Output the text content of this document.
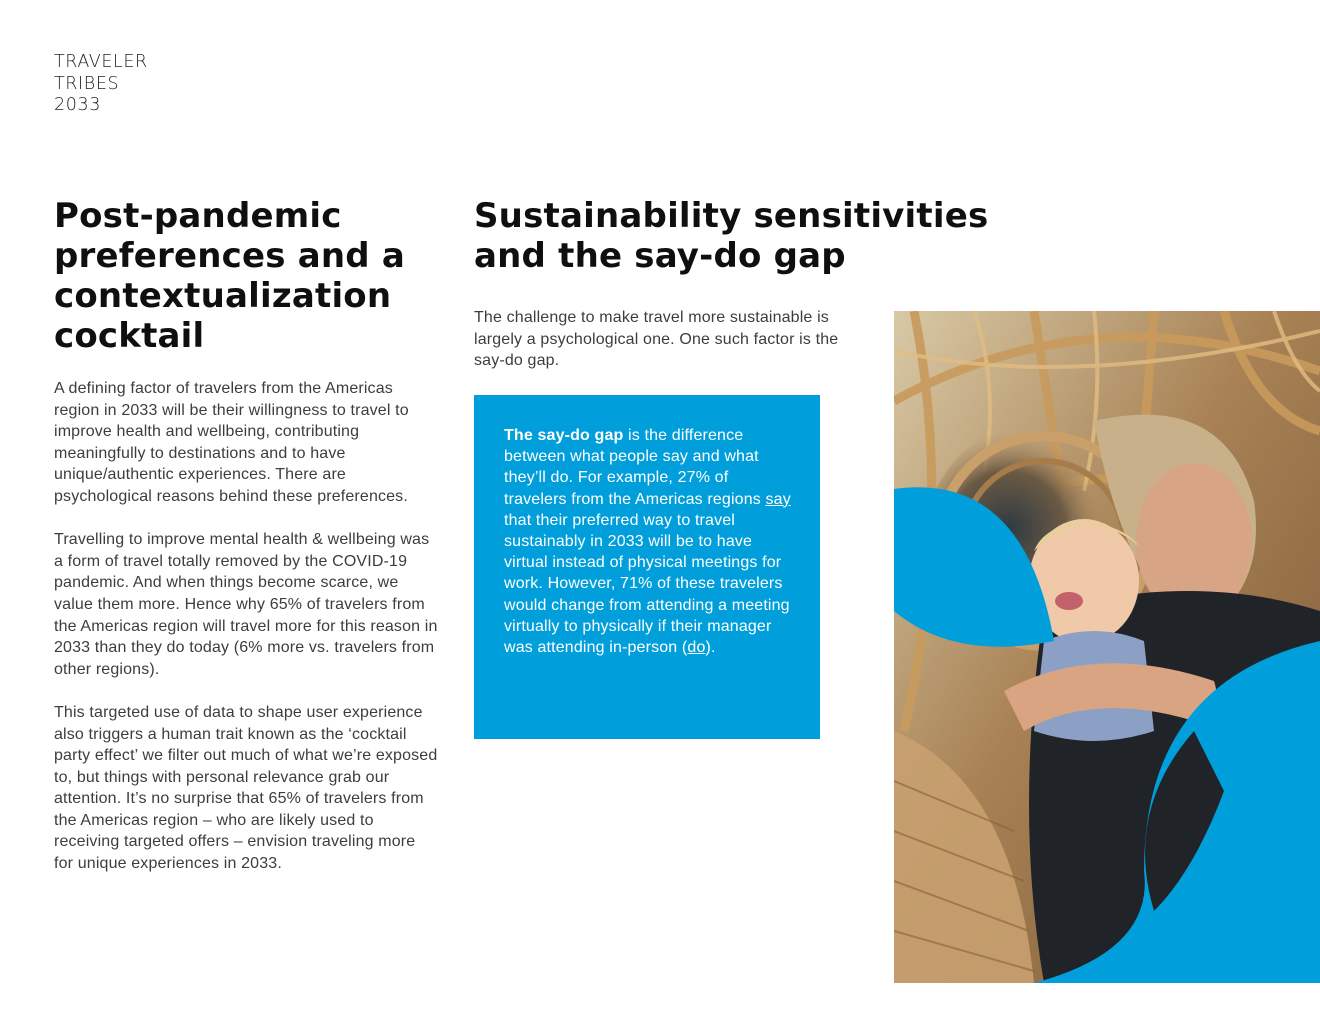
TRAVELER
TRIBES
2033
Post-pandemic preferences and a contextualization cocktail

A defining factor of travelers from the Americas region in 2033 will be their willingness to travel to improve health and wellbeing, contributing meaningfully to destinations and to have unique/authentic experiences. There are psychological reasons behind these preferences.

Travelling to improve mental health & wellbeing was a form of travel totally removed by the COVID-19 pandemic. And when things become scarce, we value them more. Hence why 65% of travelers from the Americas region will travel more for this reason in 2033 than they do today (6% more vs. travelers from other regions).

This targeted use of data to shape user experience also triggers a human trait known as the ‘cocktail party effect’ we filter out much of what we’re exposed to, but things with personal relevance grab our attention. It’s no surprise that 65% of travelers from the Americas region – who are likely used to receiving targeted offers – envision traveling more for unique experiences in 2033.

Sustainability sensitivities and the say-do gap

The challenge to make travel more sustainable is largely a psychological one. One such factor is the say-do gap.

The say-do gap is the difference between what people say and what they’ll do. For example, 27% of travelers from the Americas regions say that their preferred way to travel sustainably in 2033 will be to have virtual instead of physical meetings for work. However, 71% of these travelers would change from attending a meeting virtually to physically if their manager was attending in-person (do).
